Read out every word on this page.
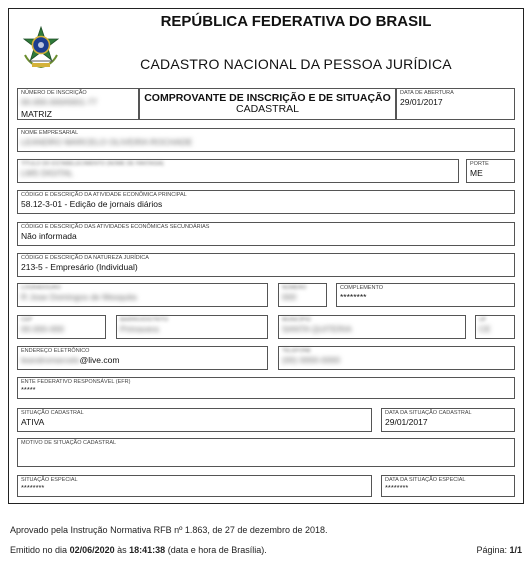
REPÚBLICA FEDERATIVA DO BRASIL
CADASTRO NACIONAL DA PESSOA JURÍDICA
NÚMERO DE INSCRIÇÃO
00.000.000/0001-77
MATRIZ
COMPROVANTE DE INSCRIÇÃO E DE SITUAÇÃO
CADASTRAL
DATA DE ABERTURA
29/01/2017
NOME EMPRESARIAL
LEANDRO MARCELO OLIVEIRA ROCHADE
TÍTULO DO ESTABELECIMENTO (NOME DE FANTASIA)
LMS DIGITAL
PORTE
ME
CÓDIGO E DESCRIÇÃO DA ATIVIDADE ECONÔMICA PRINCIPAL
58.12-3-01 - Edição de jornais diários
CÓDIGO E DESCRIÇÃO DAS ATIVIDADES ECONÔMICAS SECUNDÁRIAS
Não informada
CÓDIGO E DESCRIÇÃO DA NATUREZA JURÍDICA
213-5 - Empresário (Individual)
LOGRADOURO
R Jose Domingos de Mesquita
NÚMERO
000
COMPLEMENTO
********
CEP
00.000-000
BAIRRO/DISTRITO
Primavera
MUNICÍPIO
SANTA QUITERIA
UF
CE
ENDEREÇO ELETRÔNICO
leandromarcelo@live.com
TELEFONE
(00) 0000-0000
ENTE FEDERATIVO RESPONSÁVEL (EFR)
*****
SITUAÇÃO CADASTRAL
ATIVA
DATA DA SITUAÇÃO CADASTRAL
29/01/2017
MOTIVO DE SITUAÇÃO CADASTRAL
SITUAÇÃO ESPECIAL
********
DATA DA SITUAÇÃO ESPECIAL
********
Aprovado pela Instrução Normativa RFB nº 1.863, de 27 de dezembro de 2018.
Emitido no dia 02/06/2020 às 18:41:38 (data e hora de Brasília).	Página: 1/1
